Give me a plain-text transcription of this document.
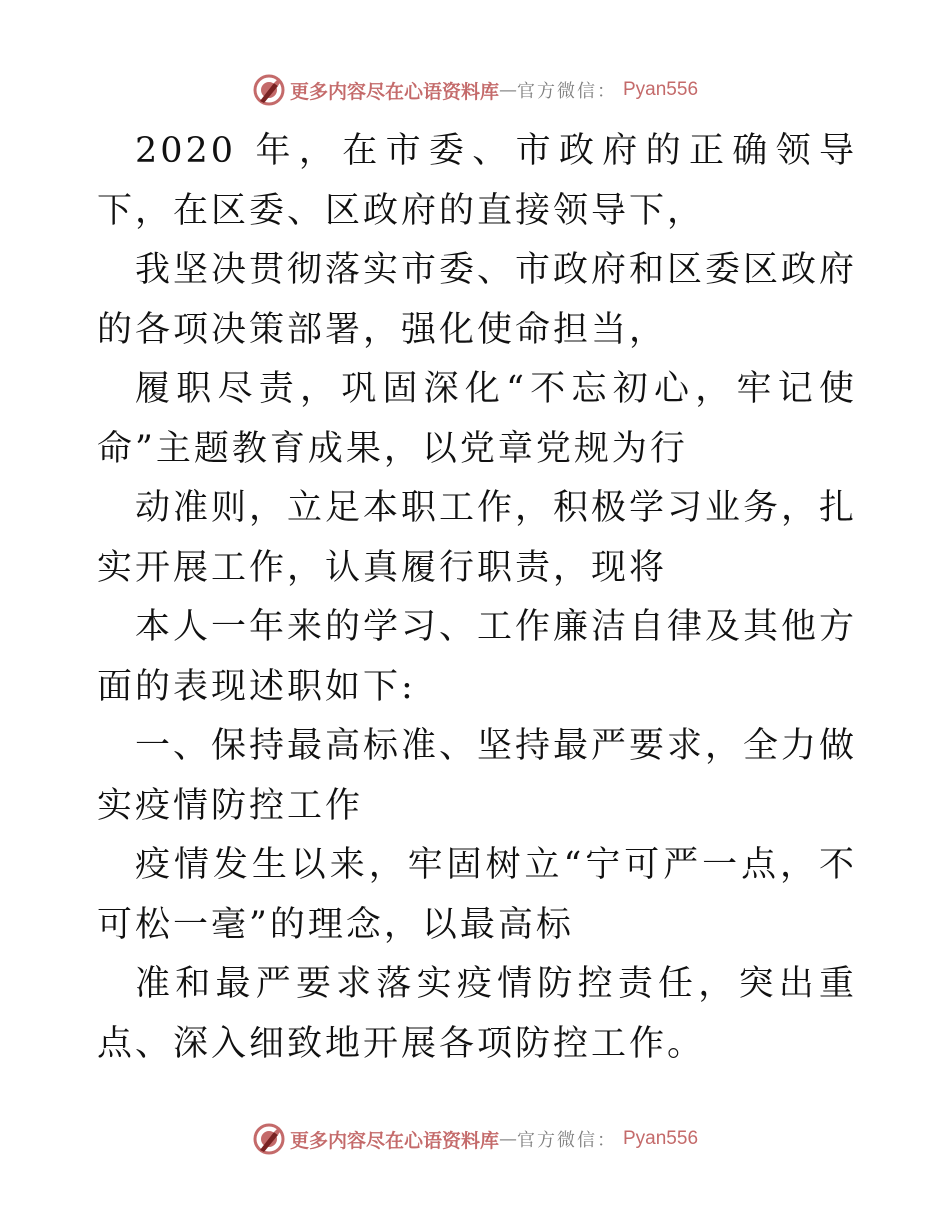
更多内容尽在心语资料库 — 官方微信： Pyan556

2020 年，在市委、市政府的正确领导下，在区委、区政府的直接领导下，

我坚决贯彻落实市委、市政府和区委区政府的各项决策部署，强化使命担当，

履职尽责，巩固深化“不忘初心，牢记使命”主题教育成果，以党章党规为行

动准则，立足本职工作，积极学习业务，扎实开展工作，认真履行职责，现将

本人一年来的学习、工作廉洁自律及其他方面的表现述职如下:

一、保持最高标准、坚持最严要求，全力做实疫情防控工作

疫情发生以来，牢固树立“宁可严一点，不可松一毫”的理念，以最高标

准和最严要求落实疫情防控责任，突出重点、深入细致地开展各项防控工作。

更多内容尽在心语资料库 — 官方微信： Pyan556
